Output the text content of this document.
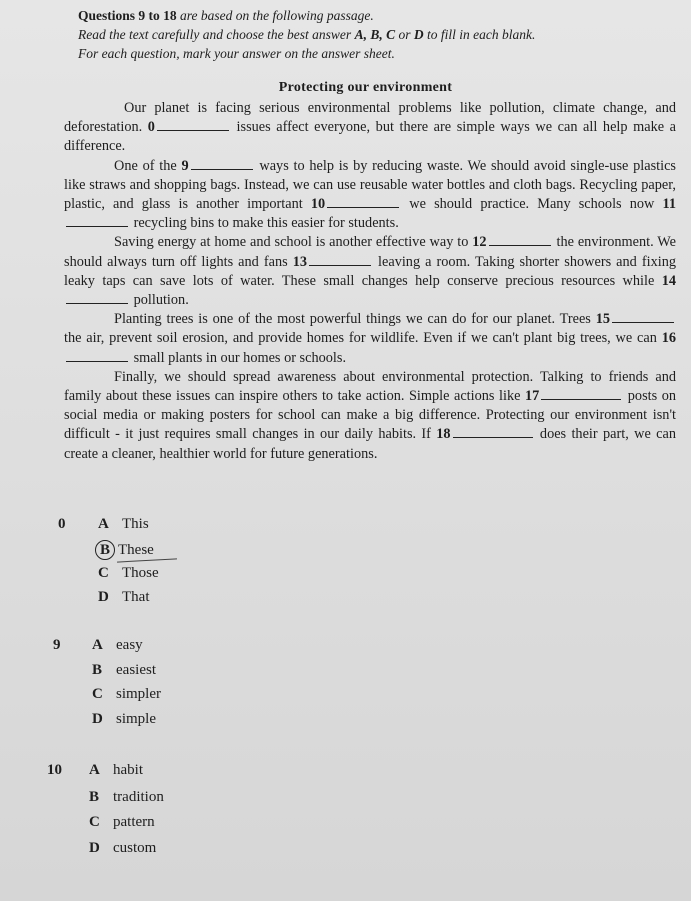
Questions 9 to 18 are based on the following passage.
Read the text carefully and choose the best answer A, B, C or D to fill in each blank.
For each question, mark your answer on the answer sheet.
Protecting our environment

Our planet is facing serious environmental problems like pollution, climate change, and deforestation. 0	issues affect everyone, but there are simple ways we can all help make a difference.

One of the 9	ways to help is by reducing waste. We should avoid single-use plastics like straws and shopping bags. Instead, we can use reusable water bottles and cloth bags. Recycling paper, plastic, and glass is another important 10	we should practice. Many schools now 11 recycling bins to make this easier for students.

Saving energy at home and school is another effective way to 12	the environment. We should always turn off lights and fans 13	leaving a room. Taking shorter showers and fixing leaky taps can save lots of water. These small changes help conserve precious resources while 14 pollution.

Planting trees is one of the most powerful things we can do for our planet. Trees 15 the air, prevent soil erosion, and provide homes for wildlife. Even if we can't plant big trees, we can 16 small plants in our homes or schools.

Finally, we should spread awareness about environmental protection. Talking to friends and family about these issues can inspire others to take action. Simple actions like 17	posts on social media or making posters for school can make a big difference. Protecting our environment isn't difficult - it just requires small changes in our daily habits. If 18	does their part, we can create a cleaner, healthier world for future generations.

0 A This
B These
C Those
D That
9 A easy
B easiest
C simpler
D simple
10 A habit
B tradition
C pattern
D custom
